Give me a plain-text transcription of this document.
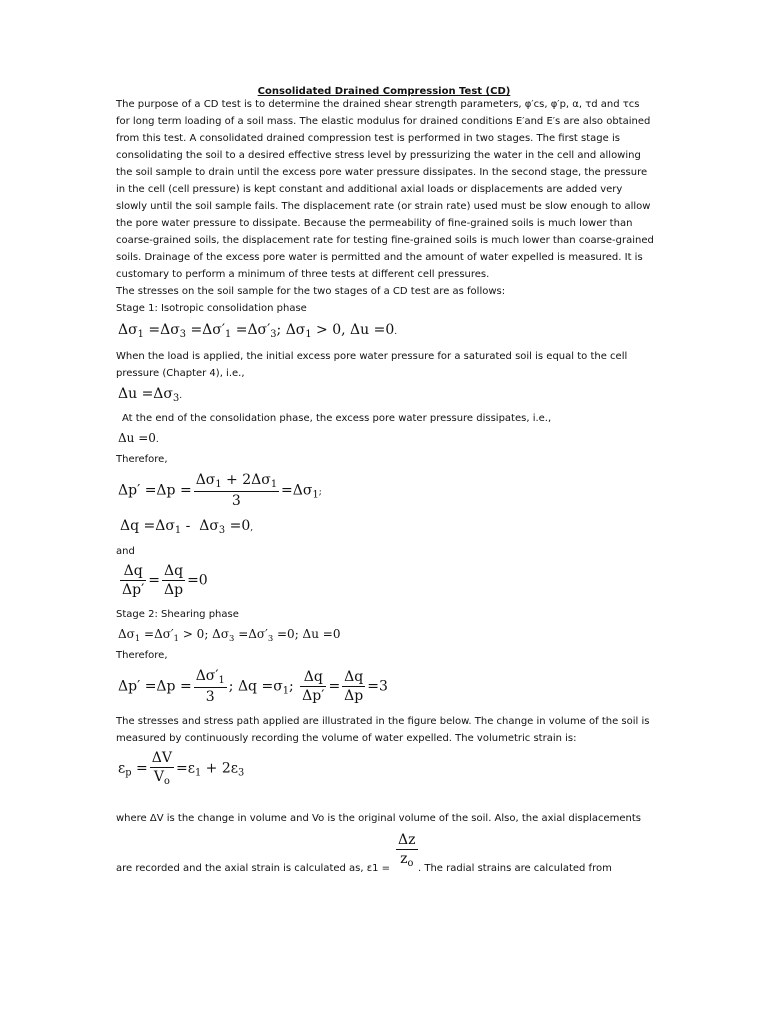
Consolidated Drained Compression Test (CD)
The purpose of a CD test is to determine the drained shear strength parameters, φ′cs, φ′p, α, τd and τcs for long term loading of a soil mass. The elastic modulus for drained conditions E′and E′s are also obtained from this test. A consolidated drained compression test is performed in two stages. The first stage is consolidating the soil to a desired effective stress level by pressurizing the water in the cell and allowing the soil sample to drain until the excess pore water pressure dissipates. In the second stage, the pressure in the cell (cell pressure) is kept constant and additional axial loads or displacements are added very slowly until the soil sample fails. The displacement rate (or strain rate) used must be slow enough to allow the pore water pressure to dissipate. Because the permeability of fine-grained soils is much lower than coarse-grained soils, the displacement rate for testing fine-grained soils is much lower than coarse-grained soils. Drainage of the excess pore water is permitted and the amount of water expelled is measured. It is customary to perform a minimum of three tests at different cell pressures.
The stresses on the soil sample for the two stages of a CD test are as follows:
Stage 1: Isotropic consolidation phase
$\Delta\sigma_1 =\Delta\sigma_3 =\Delta\sigma'_1 =\Delta\sigma'_3$; $\Delta\sigma_1 > 0$, Δu =0.
When the load is applied, the initial excess pore water pressure for a saturated soil is equal to the cell pressure (Chapter 4), i.e.,
$\Delta u =\Delta\sigma_3$.
At the end of the consolidation phase, the excess pore water pressure dissipates, i.e.,
Δu =0.
Therefore,
$\Delta p' =\Delta p = \frac{\Delta\sigma_1 + 2\Delta\sigma_1}{3} =\Delta\sigma_1$;
$\Delta q =\Delta\sigma_1 - \Delta\sigma_3 =0$,
and
$\frac{\Delta q}{\Delta p'} = \frac{\Delta q}{\Delta p} =0$
Stage 2: Shearing phase
$\Delta\sigma_1 =\Delta\sigma'_1 > 0$; $\Delta\sigma_3 =\Delta\sigma'_3 =0$; Δu =0
Therefore,
$\Delta p' =\Delta p = \frac{\Delta\sigma'_1}{3}$ ; $\Delta q =\sigma_1$; $\frac{\Delta q}{\Delta p'} = \frac{\Delta q}{\Delta p} =3$
The stresses and stress path applied are illustrated in the figure below. The change in volume of the soil is measured by continuously recording the volume of water expelled. The volumetric strain is:
$\varepsilon_p = \frac{\Delta V}{V_o} =\varepsilon_1 + 2\varepsilon_3$
where ΔV is the change in volume and Vo is the original volume of the soil. Also, the axial displacements
are recorded and the axial strain is calculated as, $\varepsilon 1 = \frac{\Delta z}{z_o}$ . The radial strains are calculated from
